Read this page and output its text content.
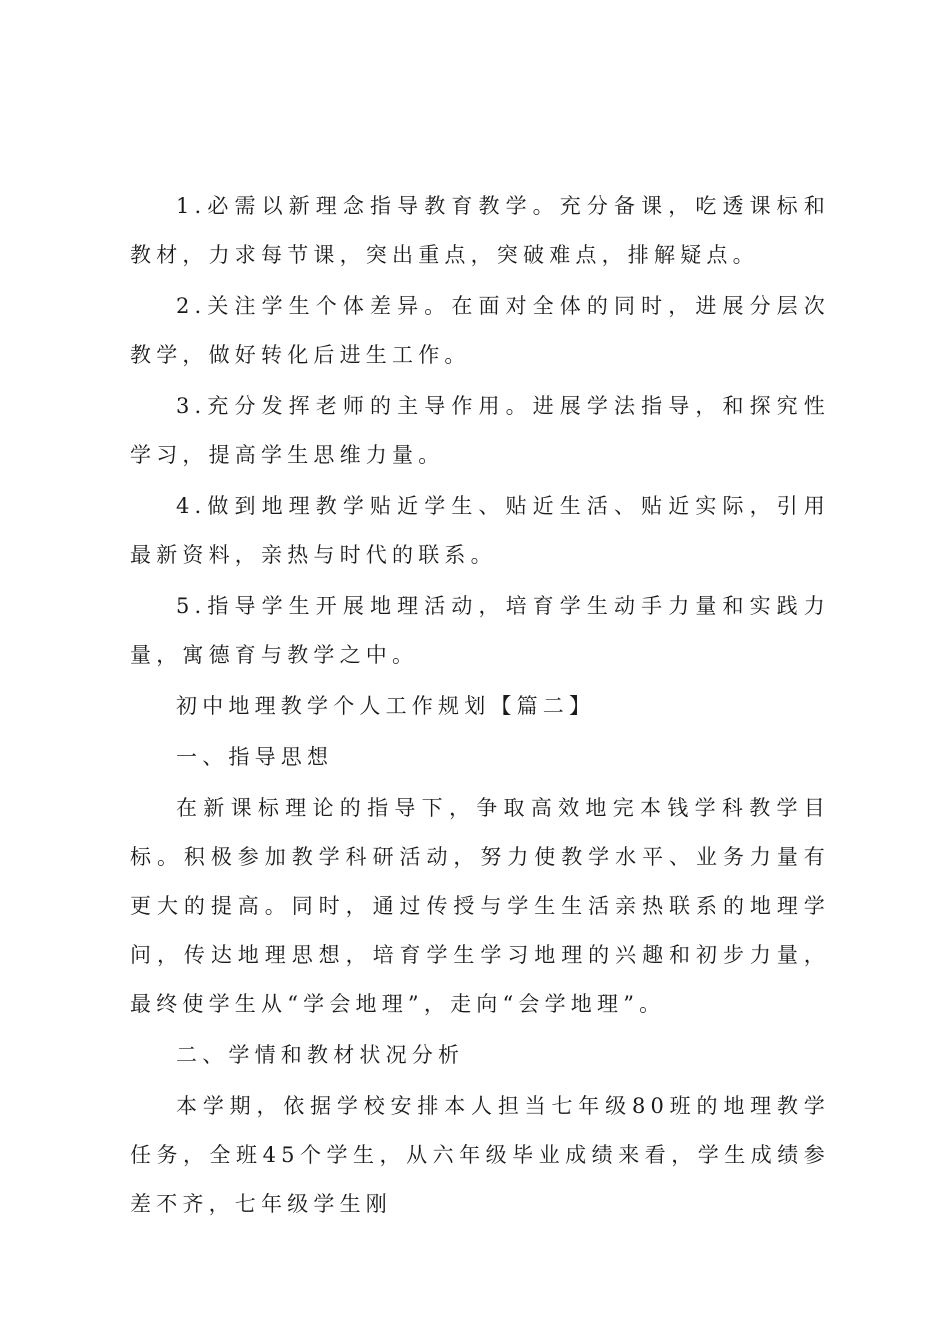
1.必需以新理念指导教育教学。充分备课，吃透课标和教材，力求每节课，突出重点，突破难点，排解疑点。

2.关注学生个体差异。在面对全体的同时，进展分层次教学，做好转化后进生工作。

3.充分发挥老师的主导作用。进展学法指导，和探究性学习，提高学生思维力量。

4.做到地理教学贴近学生、贴近生活、贴近实际，引用最新资料，亲热与时代的联系。

5.指导学生开展地理活动，培育学生动手力量和实践力量，寓德育与教学之中。

初中地理教学个人工作规划【篇二】

一、指导思想

在新课标理论的指导下，争取高效地完本钱学科教学目标。积极参加教学科研活动，努力使教学水平、业务力量有更大的提高。同时，通过传授与学生生活亲热联系的地理学问，传达地理思想，培育学生学习地理的兴趣和初步力量，最终使学生从“学会地理”，走向“会学地理”。

二、学情和教材状况分析

本学期，依据学校安排本人担当七年级80班的地理教学任务，全班45个学生，从六年级毕业成绩来看，学生成绩参差不齐，七年级学生刚
